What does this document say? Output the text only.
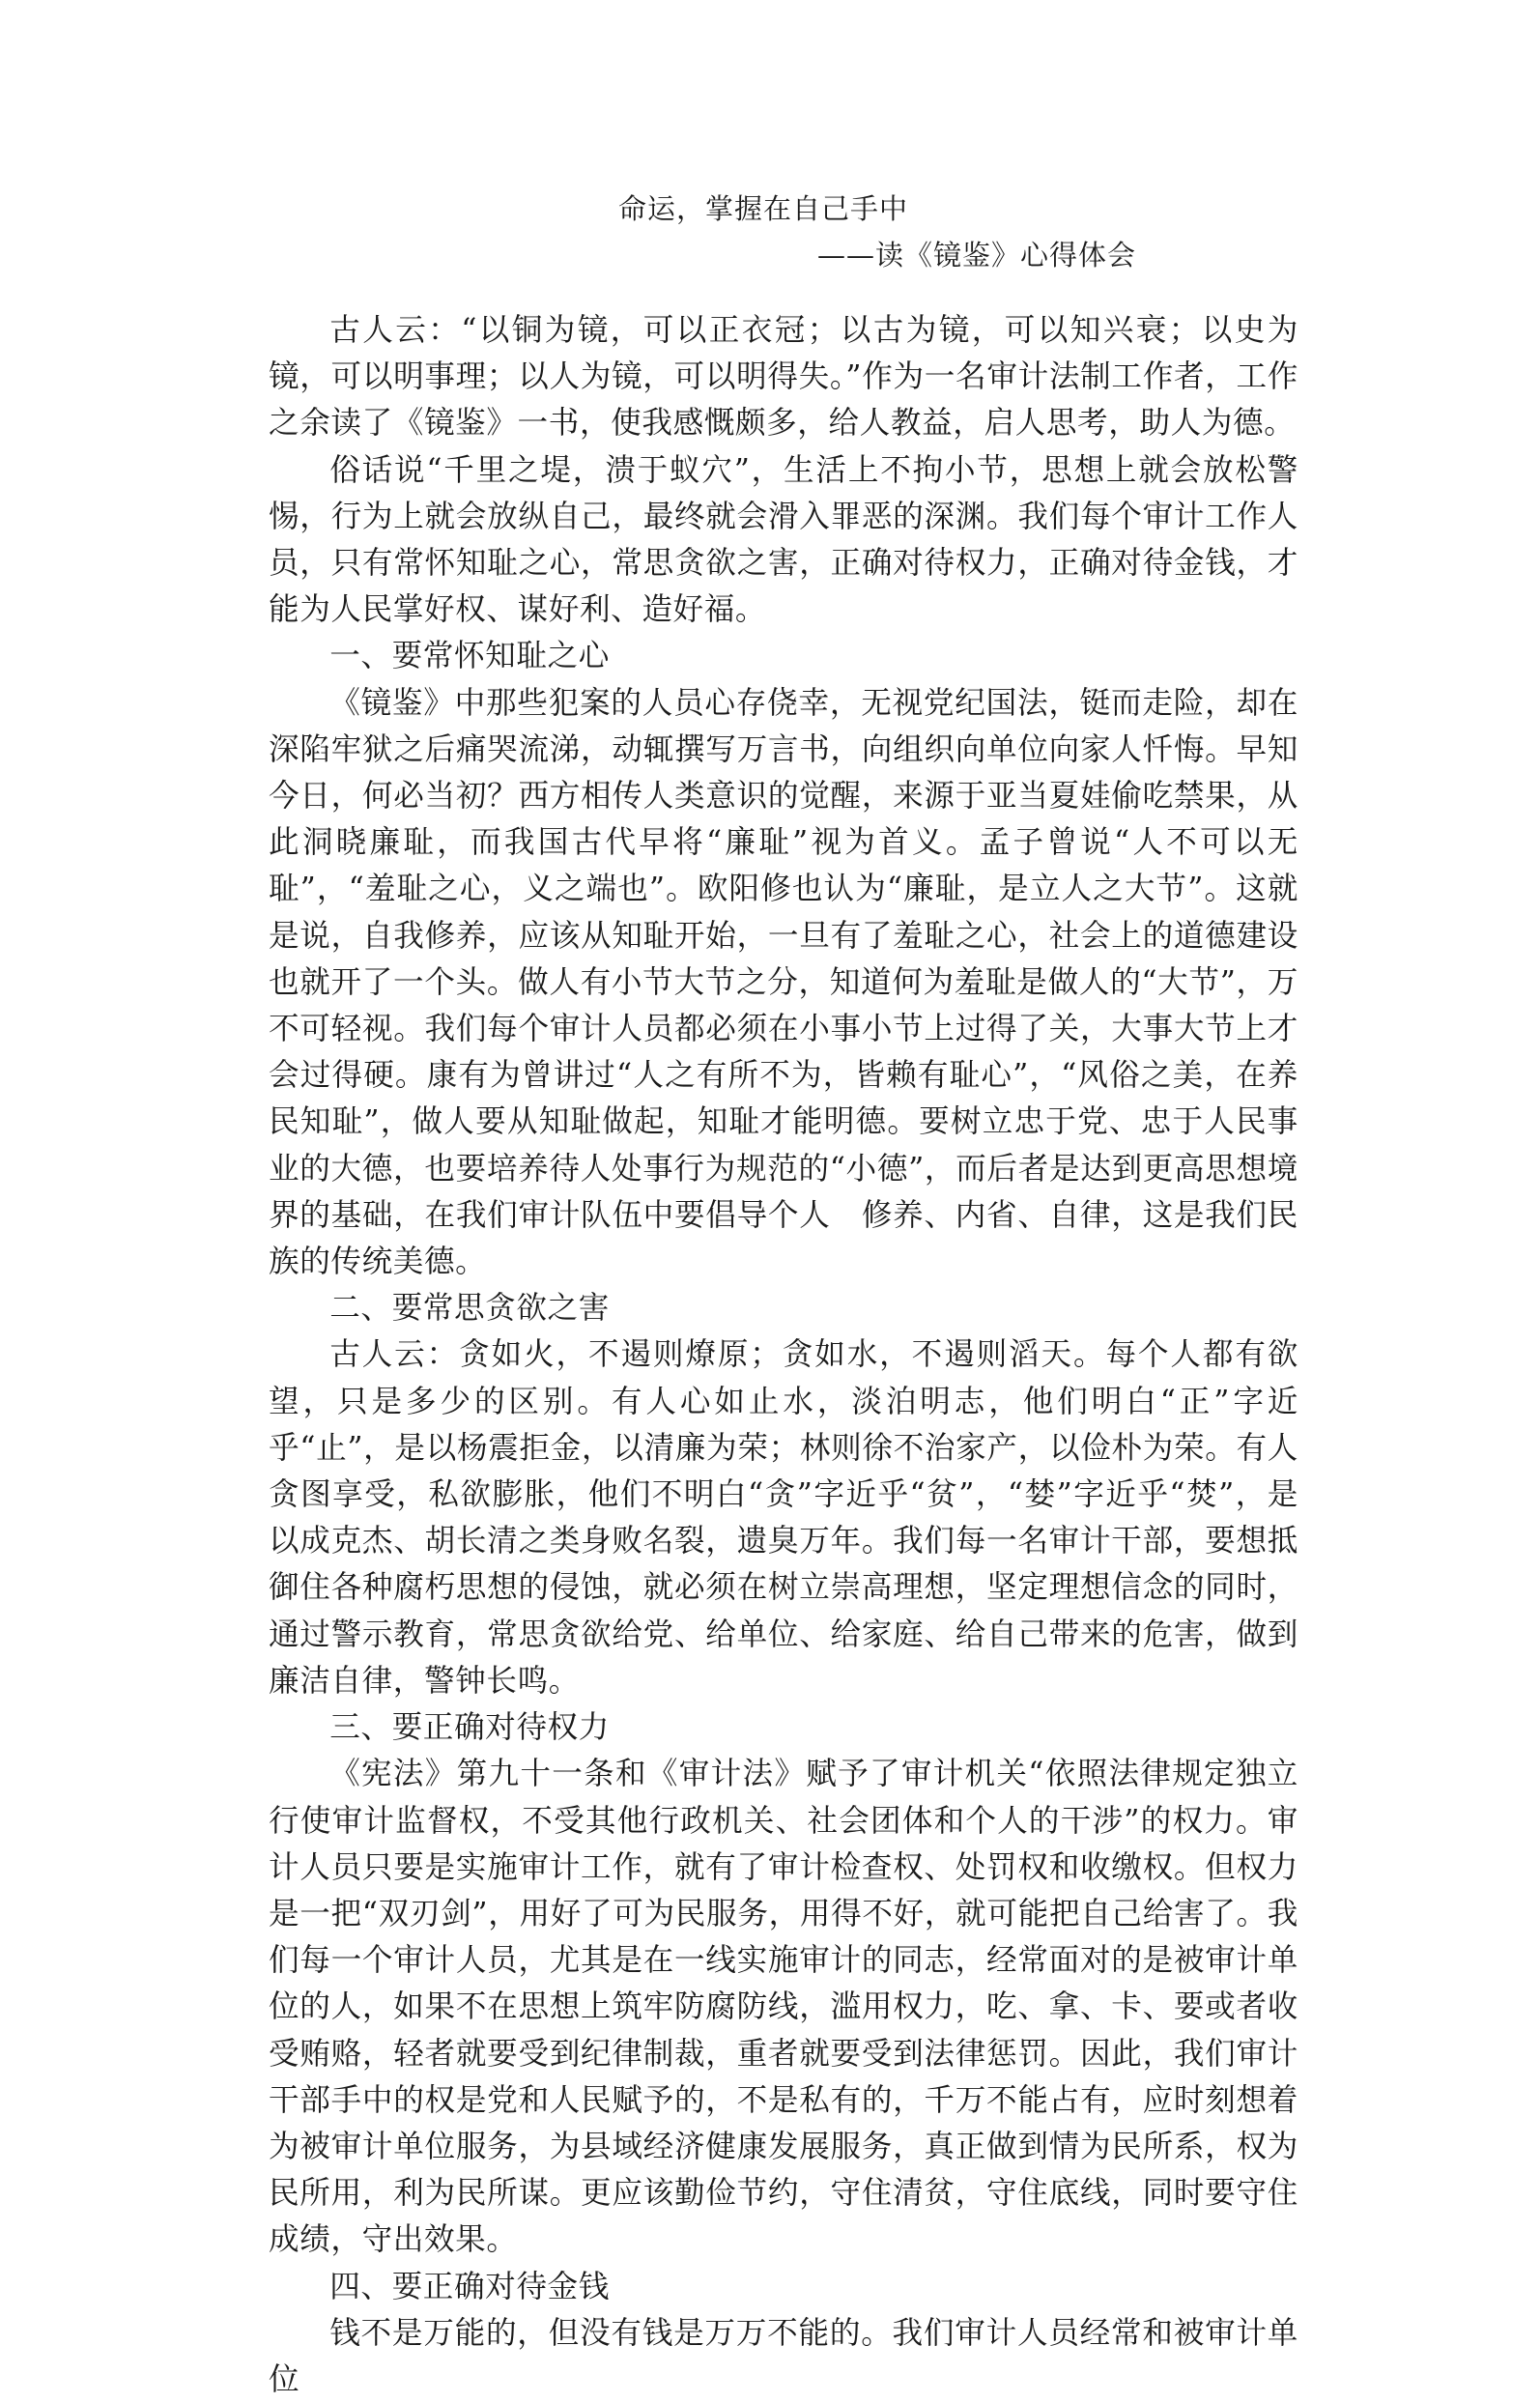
命运，掌握在自己手中
——读《镜鉴》心得体会

古人云：“以铜为镜，可以正衣冠；以古为镜，可以知兴衰；以史为镜，可以明事理；以人为镜，可以明得失。”作为一名审计法制工作者，工作之余读了《镜鉴》一书，使我感慨颇多，给人教益，启人思考，助人为德。

俗话说“千里之堤，溃于蚁穴”，生活上不拘小节，思想上就会放松警惕，行为上就会放纵自己，最终就会滑入罪恶的深渊。我们每个审计工作人员，只有常怀知耻之心，常思贪欲之害，正确对待权力，正确对待金钱，才能为人民掌好权、谋好利、造好福。

一、要常怀知耻之心

《镜鉴》中那些犯案的人员心存侥幸，无视党纪国法，铤而走险，却在深陷牢狱之后痛哭流涕，动辄撰写万言书，向组织向单位向家人忏悔。早知今日，何必当初？西方相传人类意识的觉醒，来源于亚当夏娃偷吃禁果，从此洞晓廉耻，而我国古代早将“廉耻”视为首义。孟子曾说“人不可以无耻”，“羞耻之心，义之端也”。欧阳修也认为“廉耻，是立人之大节”。这就是说，自我修养，应该从知耻开始，一旦有了羞耻之心，社会上的道德建设也就开了一个头。做人有小节大节之分，知道何为羞耻是做人的“大节”，万不可轻视。我们每个审计人员都必须在小事小节上过得了关，大事大节上才会过得硬。康有为曾讲过“人之有所不为，皆赖有耻心”，“风俗之美，在养民知耻”，做人要从知耻做起，知耻才能明德。要树立忠于党、忠于人民事业的大德，也要培养待人处事行为规范的“小德”，而后者是达到更高思想境界的基础，在我们审计队伍中要倡导个人　修养、内省、自律，这是我们民族的传统美德。

二、要常思贪欲之害

古人云：贪如火，不遏则燎原；贪如水，不遏则滔天。每个人都有欲望，只是多少的区别。有人心如止水，淡泊明志，他们明白“正”字近乎“止”，是以杨震拒金，以清廉为荣；林则徐不治家产，以俭朴为荣。有人贪图享受，私欲膨胀，他们不明白“贪”字近乎“贫”，“婪”字近乎“焚”，是以成克杰、胡长清之类身败名裂，遗臭万年。我们每一名审计干部，要想抵御住各种腐朽思想的侵蚀，就必须在树立崇高理想，坚定理想信念的同时，通过警示教育，常思贪欲给党、给单位、给家庭、给自己带来的危害，做到廉洁自律，警钟长鸣。

三、要正确对待权力

《宪法》第九十一条和《审计法》赋予了审计机关“依照法律规定独立行使审计监督权，不受其他行政机关、社会团体和个人的干涉”的权力。审计人员只要是实施审计工作，就有了审计检查权、处罚权和收缴权。但权力是一把“双刃剑”，用好了可为民服务，用得不好，就可能把自己给害了。我们每一个审计人员，尤其是在一线实施审计的同志，经常面对的是被审计单位的人，如果不在思想上筑牢防腐防线，滥用权力，吃、拿、卡、要或者收受贿赂，轻者就要受到纪律制裁，重者就要受到法律惩罚。因此，我们审计干部手中的权是党和人民赋予的，不是私有的，千万不能占有，应时刻想着为被审计单位服务，为县域经济健康发展服务，真正做到情为民所系，权为民所用，利为民所谋。更应该勤俭节约，守住清贫，守住底线，同时要守住成绩，守出效果。

四、要正确对待金钱

钱不是万能的，但没有钱是万万不能的。我们审计人员经常和被审计单位
